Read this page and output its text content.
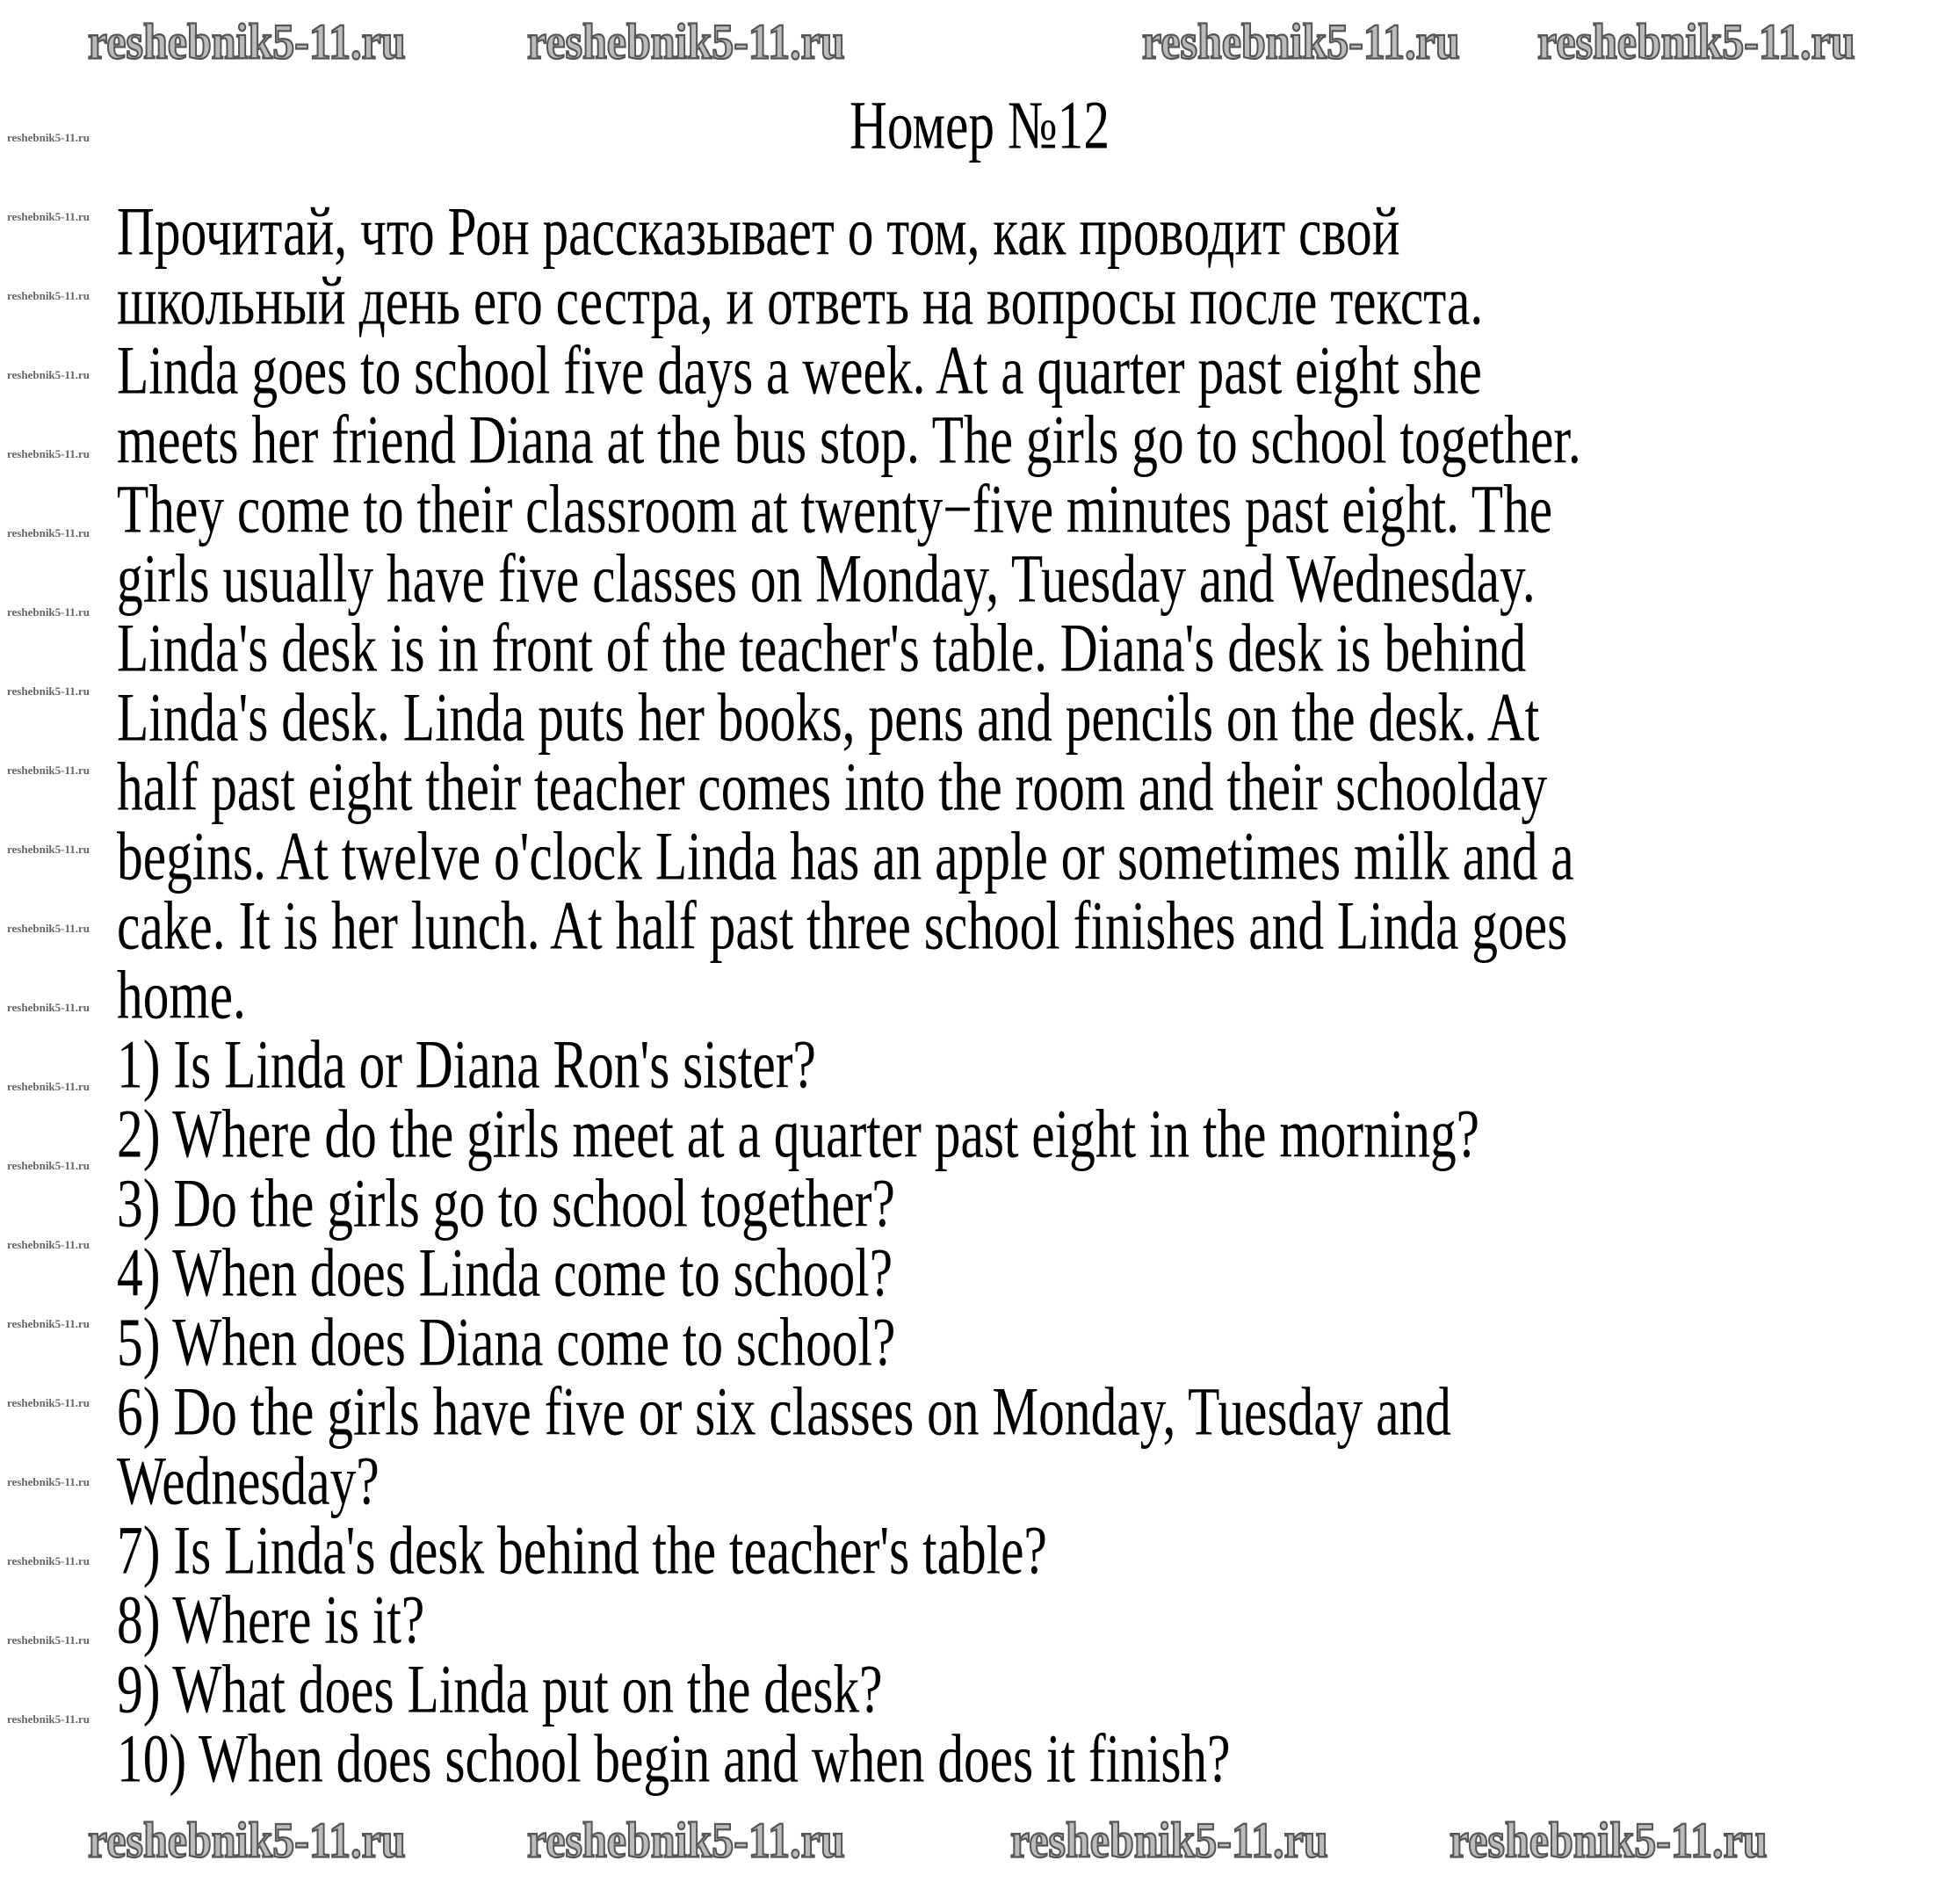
Номер №12
Прочитай, что Рон рассказывает о том, как проводит свой
школьный день его сестра, и ответь на вопросы после текста.
Linda goes to school five days a week. At a quarter past eight she
meets her friend Diana at the bus stop. The girls go to school together.
They come to their classroom at twenty−five minutes past eight. The
girls usually have five classes on Monday, Tuesday and Wednesday.
Linda's desk is in front of the teacher's table. Diana's desk is behind
Linda's desk. Linda puts her books, pens and pencils on the desk. At
half past eight their teacher comes into the room and their schoolday
begins. At twelve o'clock Linda has an apple or sometimes milk and a
cake. It is her lunch. At half past three school finishes and Linda goes
home.
1) Is Linda or Diana Ron's sister?
2) Where do the girls meet at a quarter past eight in the morning?
3) Do the girls go to school together?
4) When does Linda come to school?
5) When does Diana come to school?
6) Do the girls have five or six classes on Monday, Tuesday and
Wednesday?
7) Is Linda's desk behind the teacher's table?
8) Where is it?
9) What does Linda put on the desk?
10) When does school begin and when does it finish?
reshebnik5-11.ru
reshebnik5-11.ru
reshebnik5-11.ru
reshebnik5-11.ru
reshebnik5-11.ru
reshebnik5-11.ru
reshebnik5-11.ru
reshebnik5-11.ru
reshebnik5-11.ru
reshebnik5-11.ru
reshebnik5-11.ru
reshebnik5-11.ru
reshebnik5-11.ru
reshebnik5-11.ru
reshebnik5-11.ru
reshebnik5-11.ru
reshebnik5-11.ru
reshebnik5-11.ru
reshebnik5-11.ru
reshebnik5-11.ru
reshebnik5-11.ru
reshebnik5-11.ru	reshebnik5-11.ru	reshebnik5-11.ru reshebnik5-11.ru
reshebnik5-11.ru	reshebnik5-11.ru	reshebnik5-11.ru	reshebnik5-11.ru
